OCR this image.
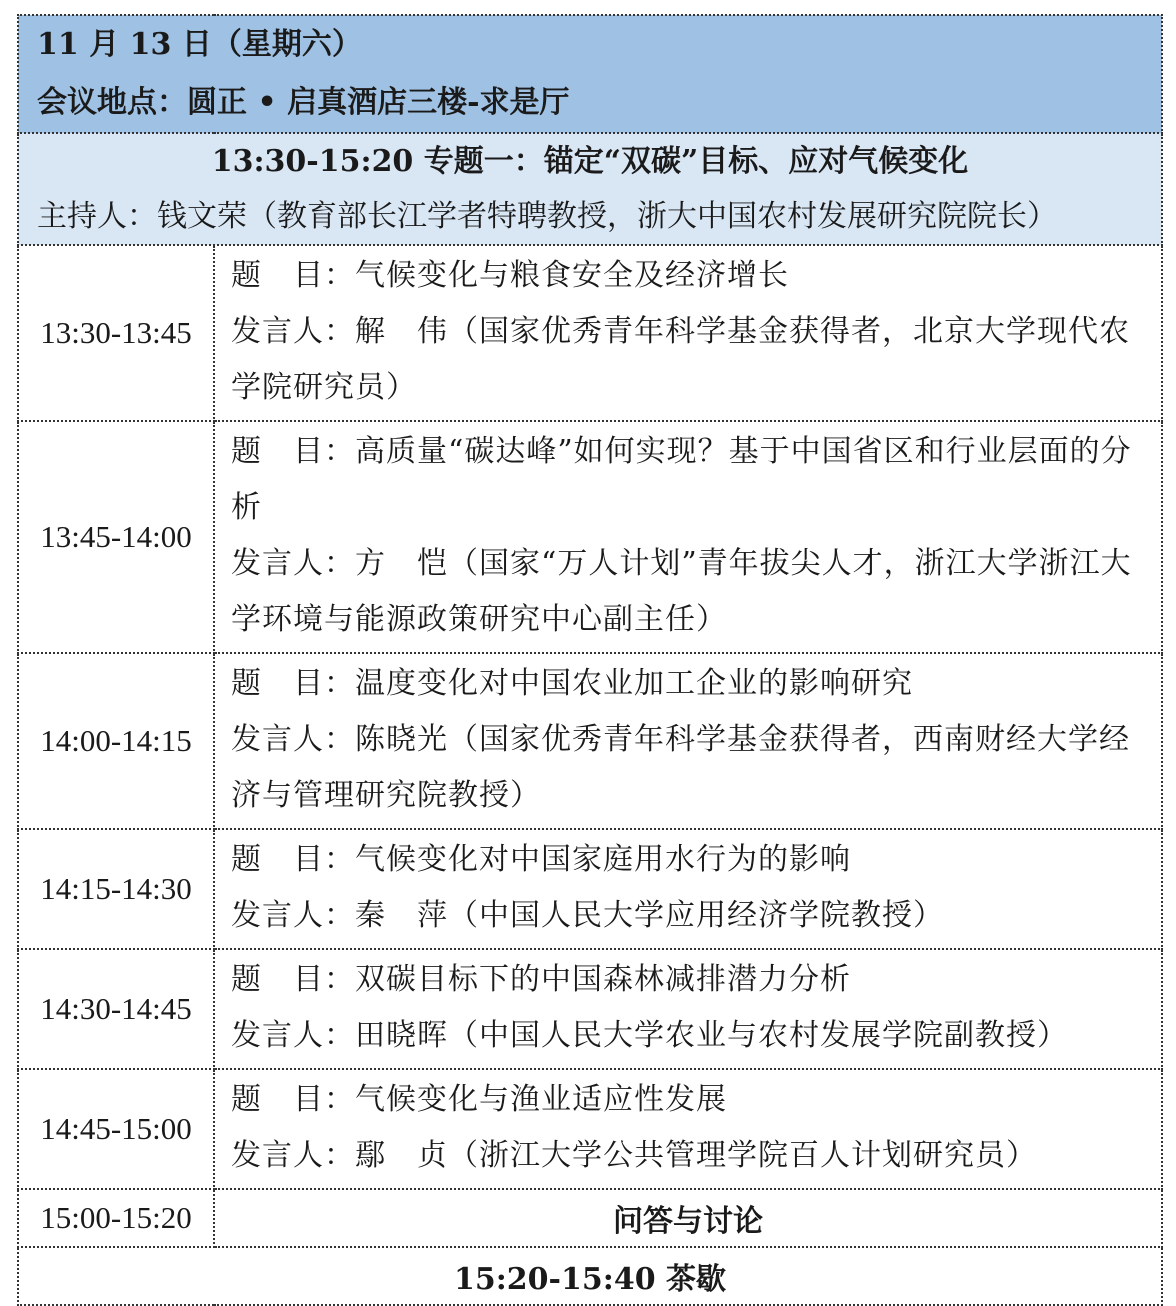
11 月 13 日（星期六）
会议地点：圆正 • 启真酒店三楼-求是厅	

13:30-15:20 专题一：锚定“双碳”目标、应对气候变化
主持人：钱文荣（教育部长江学者特聘教授，浙大中国农村发展研究院院长）	

13:30-13:45	题　目：气候变化与粮食安全及经济增长

发言人：解　伟（国家优秀青年科学基金获得者，北京大学现代农学院研究员）

13:45-14:00	题　目：高质量“碳达峰”如何实现？基于中国省区和行业层面的分析

发言人：方　恺（国家“万人计划”青年拔尖人才，浙江大学浙江大学环境与能源政策研究中心副主任）

14:00-14:15	题　目：温度变化对中国农业加工企业的影响研究

发言人：陈晓光（国家优秀青年科学基金获得者，西南财经大学经济与管理研究院教授）

14:15-14:30	题　目：气候变化对中国家庭用水行为的影响

发言人：秦　萍（中国人民大学应用经济学院教授）

14:30-14:45	题　目：双碳目标下的中国森林减排潜力分析

发言人：田晓晖（中国人民大学农业与农村发展学院副教授）

14:45-15:00	题　目：气候变化与渔业适应性发展

发言人：鄢　贞（浙江大学公共管理学院百人计划研究员）

15:00-15:20	问答与讨论
15:20-15:40 茶歇	
